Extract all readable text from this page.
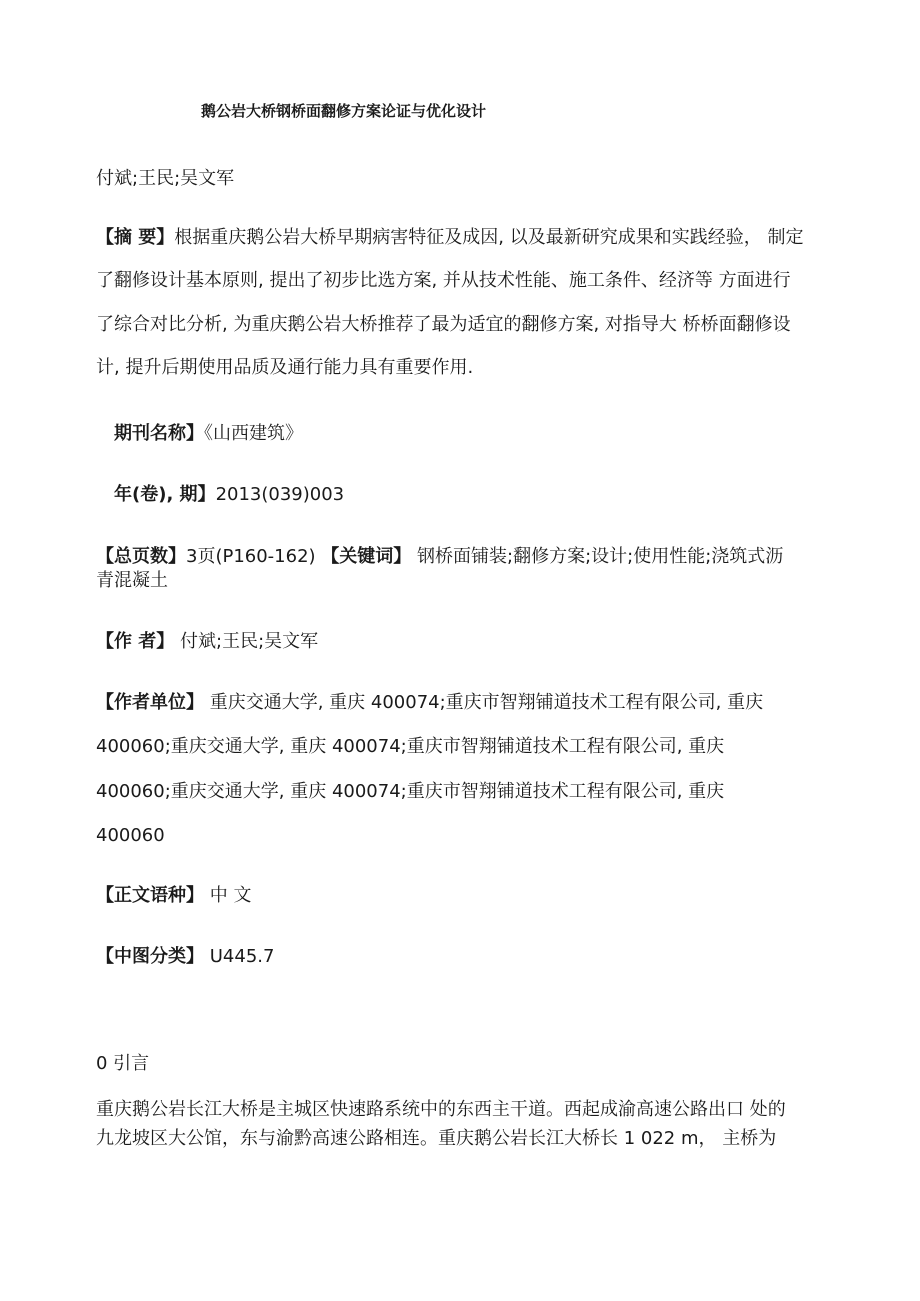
鹅公岩大桥钢桥面翻修方案论证与优化设计
付斌;王民;吴文军
【摘 要】根据重庆鹅公岩大桥早期病害特征及成因, 以及最新研究成果和实践经验， 制定
了翻修设计基本原则, 提出了初步比选方案, 并从技术性能、施工条件、经济等 方面进行
了综合对比分析, 为重庆鹅公岩大桥推荐了最为适宜的翻修方案, 对指导大 桥桥面翻修设
计, 提升后期使用品质及通行能力具有重要作用.
期刊名称】《山西建筑》
年(卷), 期】2013(039)003
【总页数】3页(P160-162) 【关键词】 钢桥面铺装;翻修方案;设计;使用性能;浇筑式沥
青混凝土
【作 者】 付斌;王民;吴文军
【作者单位】 重庆交通大学, 重庆 400074;重庆市智翔铺道技术工程有限公司, 重庆
400060;重庆交通大学, 重庆 400074;重庆市智翔铺道技术工程有限公司, 重庆
400060;重庆交通大学, 重庆 400074;重庆市智翔铺道技术工程有限公司, 重庆
400060
【正文语种】 中 文
【中图分类】 U445.7
0 引言
重庆鹅公岩长江大桥是主城区快速路系统中的东西主干道。西起成渝高速公路出口 处的
九龙坡区大公馆，东与渝黔高速公路相连。重庆鹅公岩长江大桥长 1 022 m， 主桥为
